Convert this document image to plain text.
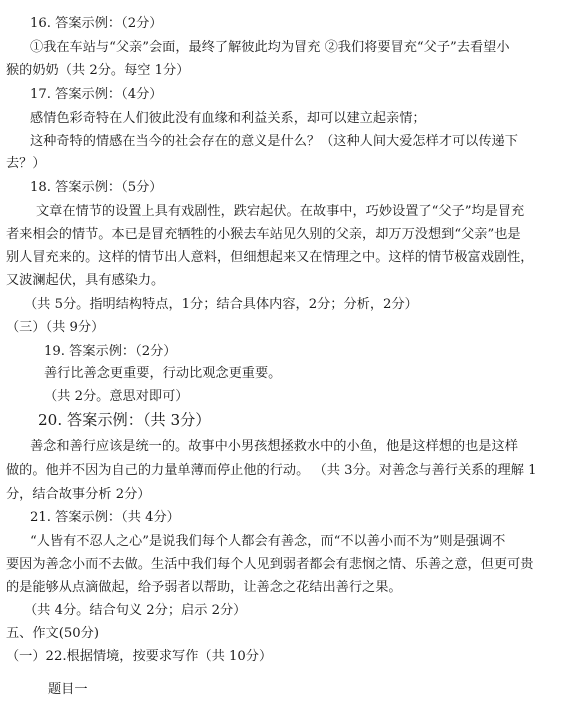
16. 答案示例：（2分）
①我在车站与“父亲”会面，最终了解彼此均为冒充 ②我们将要冒充“父子”去看望小
猴的奶奶（共 2分。每空 1分）
17. 答案示例：（4分）
感情色彩奇特在人们彼此没有血缘和利益关系，却可以建立起亲情；
这种奇特的情感在当今的社会存在的意义是什么？（这种人间大爱怎样才可以传递下
去？）
18. 答案示例：（5分）
文章在情节的设置上具有戏剧性，跌宕起伏。在故事中，巧妙设置了“父子”均是冒充
者来相会的情节。本已是冒充牺牲的小猴去车站见久别的父亲，却万万没想到“父亲”也是
别人冒充来的。这样的情节出人意料，但细想起来又在情理之中。这样的情节极富戏剧性，
又波澜起伏，具有感染力。
（共 5分。指明结构特点，1分；结合具体内容，2分；分析，2分）
（三）（共 9分）
19. 答案示例：（2分）
善行比善念更重要，行动比观念更重要。
（共 2分。意思对即可）
20. 答案示例：（共 3分）
善念和善行应该是统一的。故事中小男孩想拯救水中的小鱼，他是这样想的也是这样
做的。他并不因为自己的力量单薄而停止他的行动。 （共 3分。对善念与善行关系的理解 1
分，结合故事分析 2分）
21. 答案示例：（共 4分）
“人皆有不忍人之心”是说我们每个人都会有善念，而“不以善小而不为”则是强调不
要因为善念小而不去做。生活中我们每个人见到弱者都会有悲悯之情、乐善之意，但更可贵
的是能够从点滴做起，给予弱者以帮助，让善念之花结出善行之果。
（共 4分。结合句义 2分；启示 2分）
五、作文(50分)
（一）22.根据情境，按要求写作（共 10分）
题目一
